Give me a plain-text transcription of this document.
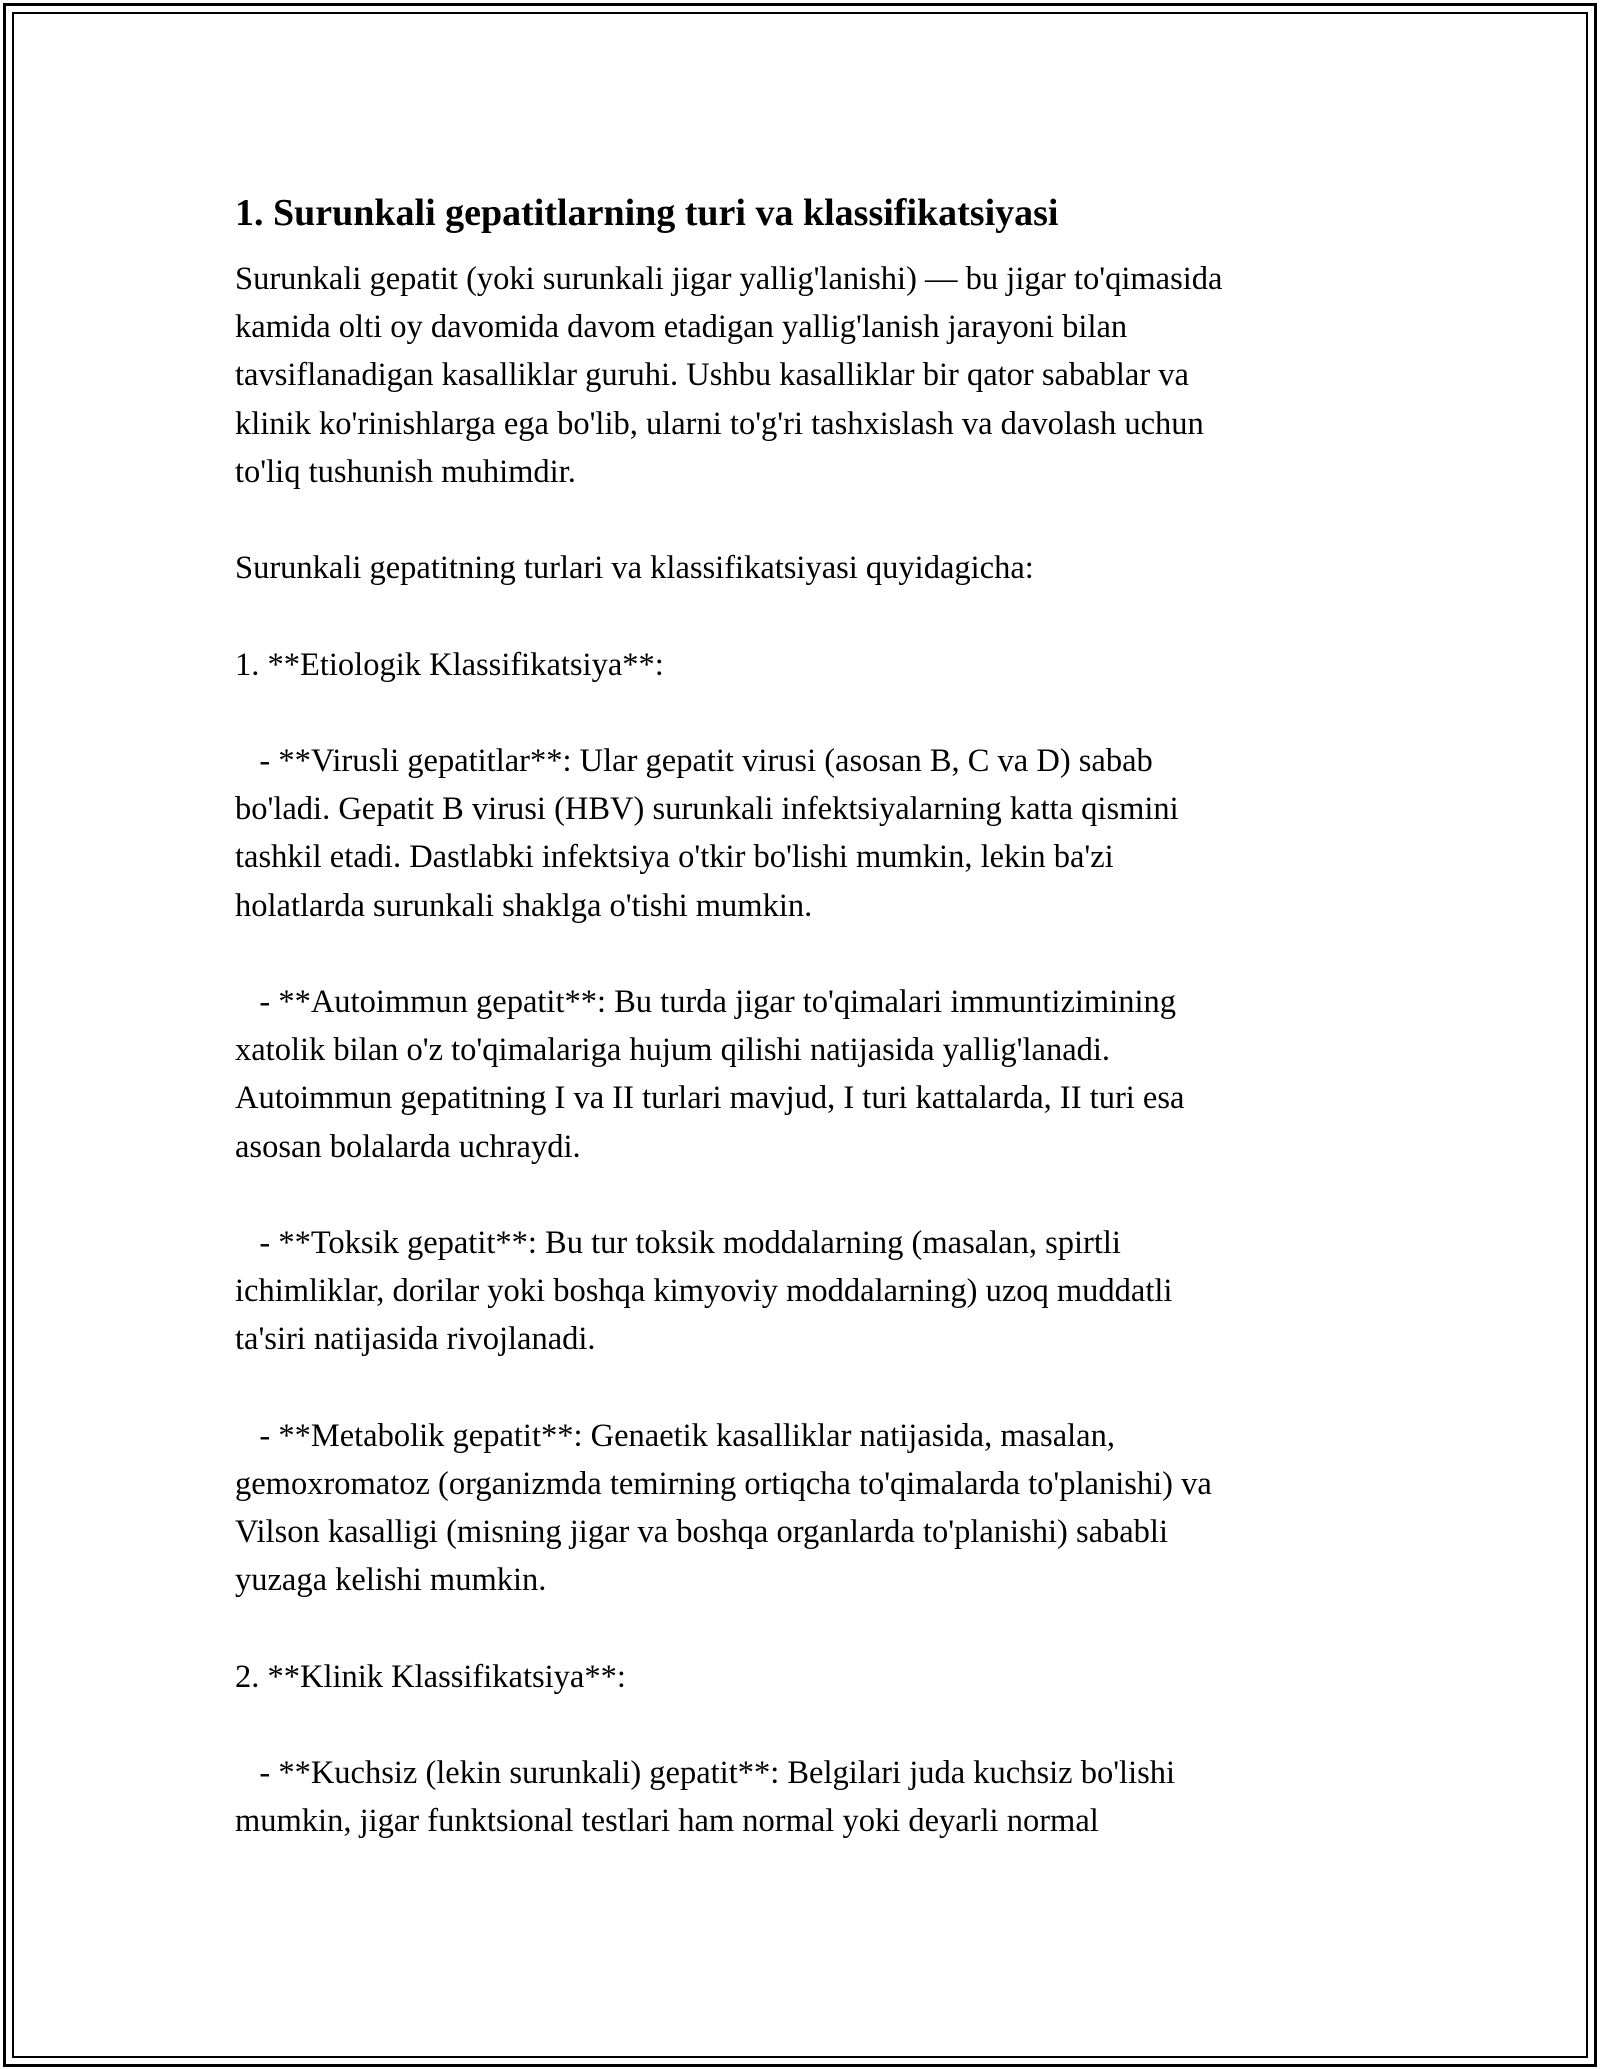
1. Surunkali gepatitlarning turi va klassifikatsiyasi
Surunkali gepatit (yoki surunkali jigar yallig'lanishi) — bu jigar to'qimasida
kamida olti oy davomida davom etadigan yallig'lanish jarayoni bilan
tavsiflanadigan kasalliklar guruhi. Ushbu kasalliklar bir qator sabablar va
klinik ko'rinishlarga ega bo'lib, ularni to'g'ri tashxislash va davolash uchun
to'liq tushunish muhimdir.
Surunkali gepatitning turlari va klassifikatsiyasi quyidagicha:
1. **Etiologik Klassifikatsiya**:
- **Virusli gepatitlar**: Ular gepatit virusi (asosan B, C va D) sabab
bo'ladi. Gepatit B virusi (HBV) surunkali infektsiyalarning katta qismini
tashkil etadi. Dastlabki infektsiya o'tkir bo'lishi mumkin, lekin ba'zi
holatlarda surunkali shaklga o'tishi mumkin.
- **Autoimmun gepatit**: Bu turda jigar to'qimalari immuntizimining
xatolik bilan o'z to'qimalariga hujum qilishi natijasida yallig'lanadi.
Autoimmun gepatitning I va II turlari mavjud, I turi kattalarda, II turi esa
asosan bolalarda uchraydi.
- **Toksik gepatit**: Bu tur toksik moddalarning (masalan, spirtli
ichimliklar, dorilar yoki boshqa kimyoviy moddalarning) uzoq muddatli
ta'siri natijasida rivojlanadi.
- **Metabolik gepatit**: Genaetik kasalliklar natijasida, masalan,
gemoxromatoz (organizmda temirning ortiqcha to'qimalarda to'planishi) va
Vilson kasalligi (misning jigar va boshqa organlarda to'planishi) sababli
yuzaga kelishi mumkin.
2. **Klinik Klassifikatsiya**:
- **Kuchsiz (lekin surunkali) gepatit**: Belgilari juda kuchsiz bo'lishi
mumkin, jigar funktsional testlari ham normal yoki deyarli normal
